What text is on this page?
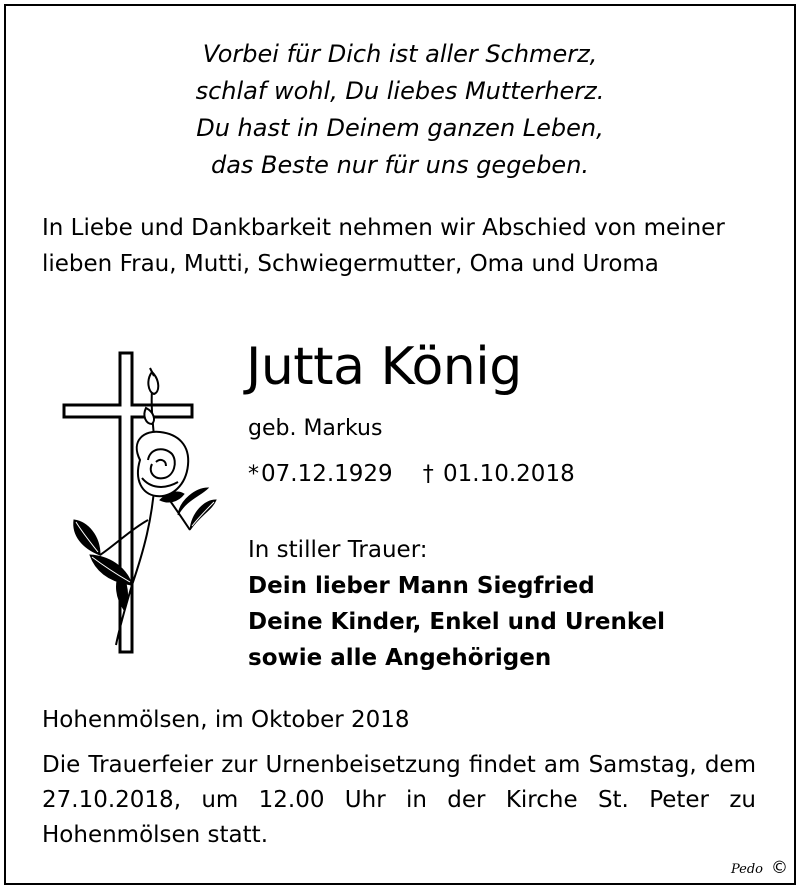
Vorbei für Dich ist aller Schmerz,
schlaf wohl, Du liebes Mutterherz.
Du hast in Deinem ganzen Leben,
das Beste nur für uns gegeben.
In Liebe und Dankbarkeit nehmen wir Abschied von meiner lieben Frau, Mutti, Schwiegermutter, Oma und Uroma
Jutta König
geb. Markus
*07.12.1929 † 01.10.2018
In stiller Trauer:
Dein lieber Mann Siegfried
Deine Kinder, Enkel und Urenkel
sowie alle Angehörigen
Hohenmölsen, im Oktober 2018
Die Trauerfeier zur Urnenbeisetzung findet am Samstag, dem 27.10.2018, um 12.00 Uhr in der Kirche St. Peter zu Hohenmölsen statt.
Pedo ©
